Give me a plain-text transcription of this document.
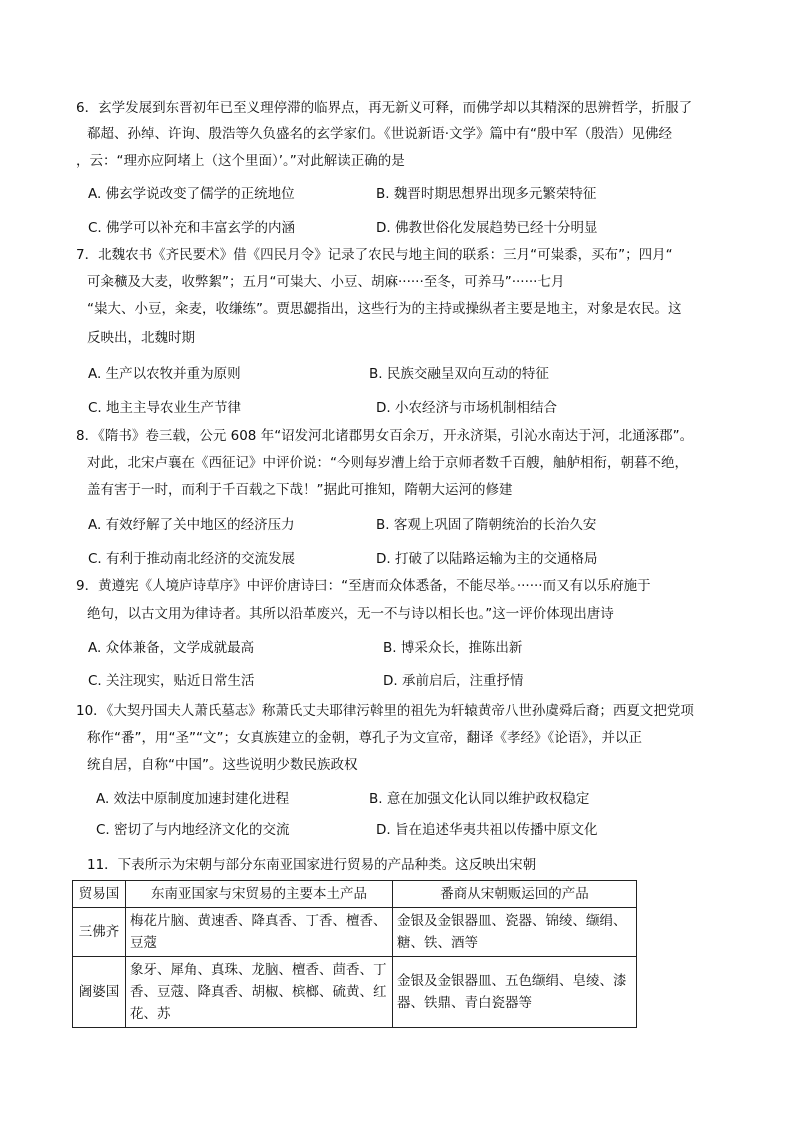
6．玄学发展到东晋初年已至义理停滞的临界点，再无新义可释，而佛学却以其精深的思辨哲学，折服了
郗超、孙绰、许询、殷浩等久负盛名的玄学家们。《世说新语·文学》篇中有“殷中军（殷浩）见佛经
，云：“理亦应阿堵上（这个里面）’。”对此解读正确的是
A. 佛玄学说改变了儒学的正统地位	B. 魏晋时期思想界出现多元繁荣特征
C. 佛学可以补充和丰富玄学的内涵	D. 佛教世俗化发展趋势已经十分明显
7．北魏农书《齐民要术》借《四民月令》记录了农民与地主间的联系：三月“可粜黍，买布”；四月“
可籴穬及大麦，收弊絮”；五月“可粜大、小豆、胡麻······至冬，可养马”······七月
“粜大、小豆，籴麦，收缣练”。贾思勰指出，这些行为的主持或操纵者主要是地主，对象是农民。这
反映出，北魏时期
A. 生产以农牧并重为原则	B. 民族交融呈双向互动的特征
C. 地主主导农业生产节律	D. 小农经济与市场机制相结合
8．《隋书》卷三载，公元 608 年“诏发河北诸郡男女百余万，开永济渠，引沁水南达于河，北通涿郡”。
对此，北宋卢襄在《西征记》中评价说：“今则每岁漕上给于京师者数千百艘，舳舻相衔，朝暮不绝，
盖有害于一时，而利于千百载之下哉！”据此可推知，隋朝大运河的修建
A. 有效纾解了关中地区的经济压力	B. 客观上巩固了隋朝统治的长治久安
C. 有利于推动南北经济的交流发展	D. 打破了以陆路运输为主的交通格局
9．黄遵宪《人境庐诗草序》中评价唐诗曰：“至唐而众体悉备，不能尽举。······而又有以乐府施于
绝句，以古文用为律诗者。其所以沿革废兴，无一不与诗以相长也。”这一评价体现出唐诗
A. 众体兼备，文学成就最高	B. 博采众长，推陈出新
C. 关注现实，贴近日常生活	D. 承前启后，注重抒情
10．《大契丹国夫人萧氏墓志》称萧氏丈夫耶律污斡里的祖先为轩辕黄帝八世孙虞舜后裔；西夏文把党项
称作“番”，用“圣”“文”；女真族建立的金朝，尊孔子为文宣帝，翻译《孝经》《论语》，并以正
统自居，自称“中国”。这些说明少数民族政权
A. 效法中原制度加速封建化进程	B. 意在加强文化认同以维护政权稳定
C. 密切了与内地经济文化的交流	D. 旨在追述华夷共祖以传播中原文化
11．下表所示为宋朝与部分东南亚国家进行贸易的产品种类。这反映出宋朝
贸易国	东南亚国家与宋贸易的主要本土产品	番商从宋朝贩运回的产品
三佛齐	梅花片脑、黄速香、降真香、丁香、檀香、豆蔻	金银及金银器皿、瓷器、锦绫、缬绢、糖、铁、酒等
阇婆国	象牙、犀角、真珠、龙脑、檀香、茴香、丁香、豆蔻、降真香、胡椒、槟榔、硫黄、红花、苏	金银及金银器皿、五色缬绢、皂绫、漆器、铁鼎、青白瓷器等
